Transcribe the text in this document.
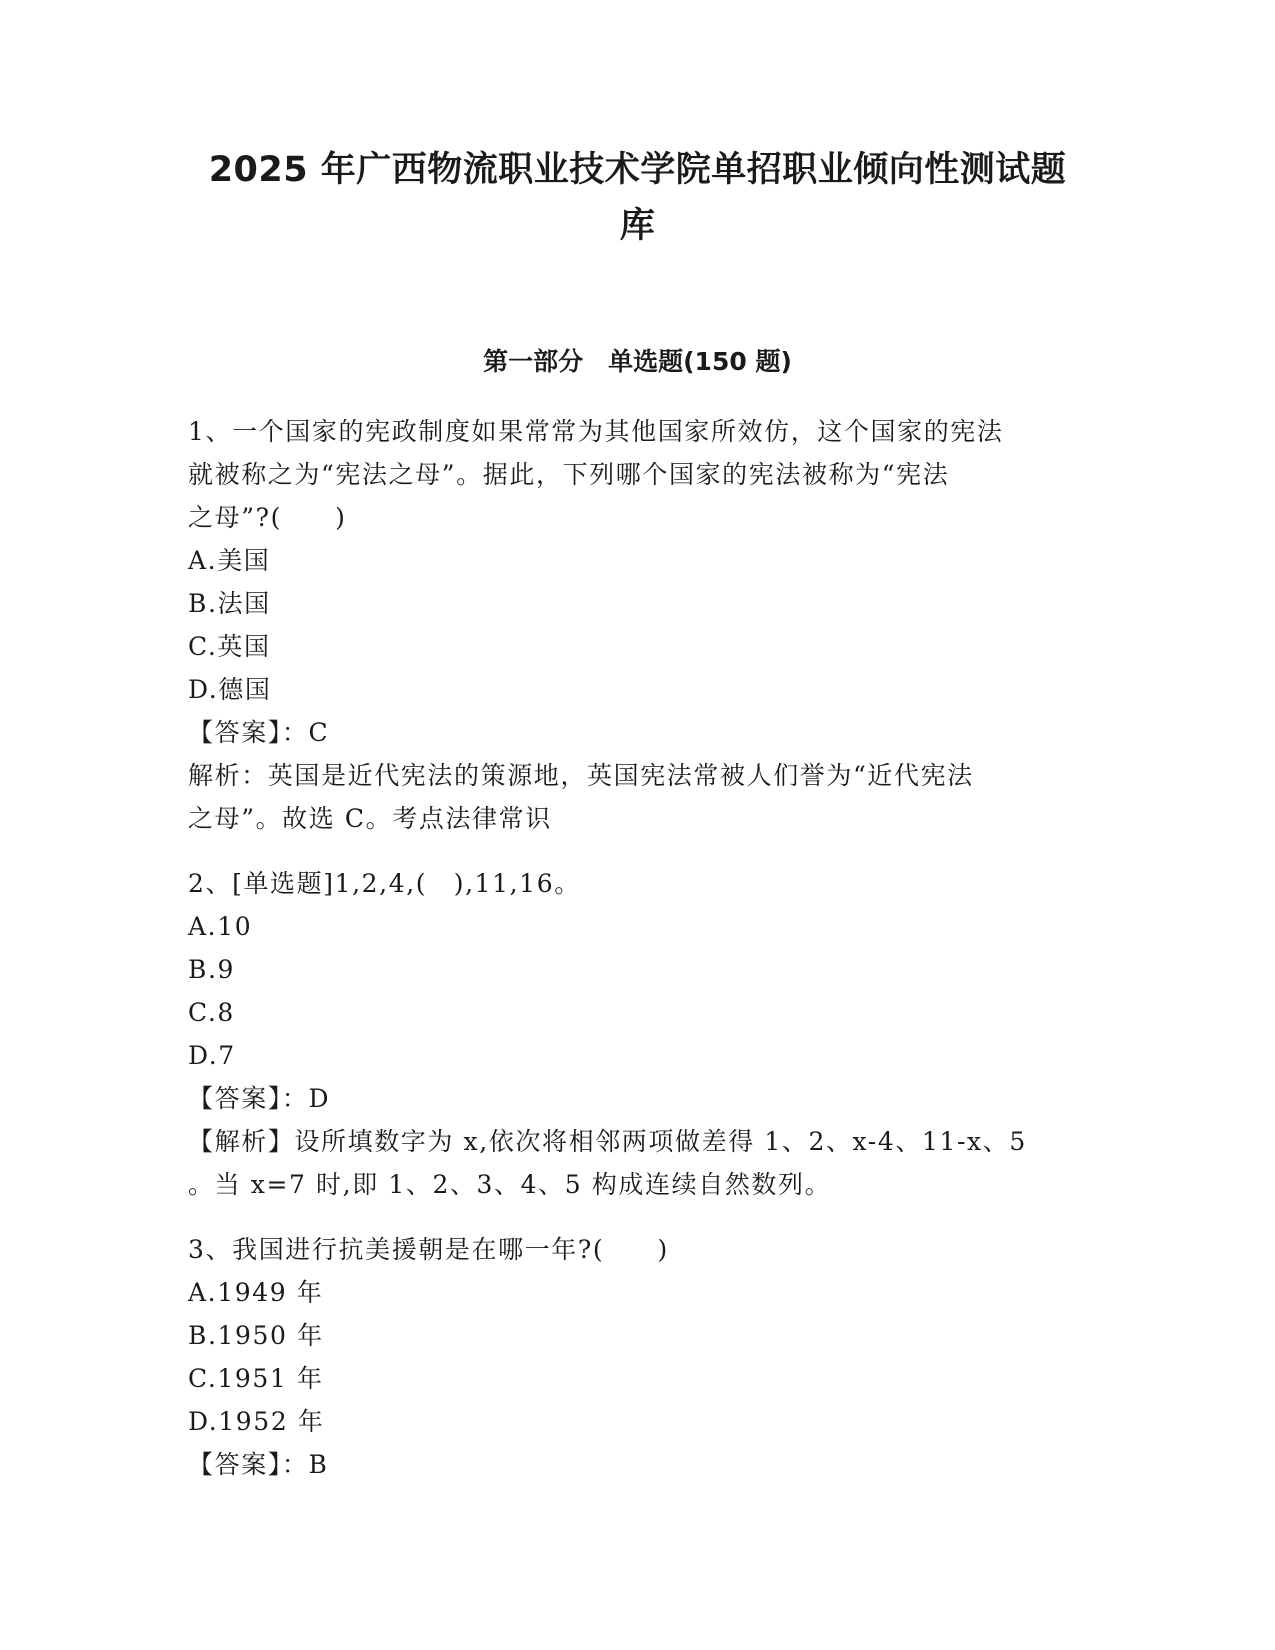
2025 年广西物流职业技术学院单招职业倾向性测试题
库
第一部分　单选题(150 题)
1、一个国家的宪政制度如果常常为其他国家所效仿，这个国家的宪法
就被称之为“宪法之母”。据此，下列哪个国家的宪法被称为“宪法
之母”?(　　)
A.美国
B.法国
C.英国
D.德国
【答案】：C
解析：英国是近代宪法的策源地，英国宪法常被人们誉为“近代宪法
之母”。故选 C。考点法律常识
2、[单选题]1,2,4,(　),11,16。
A.10
B.9
C.8
D.7
【答案】：D
【解析】设所填数字为 x,依次将相邻两项做差得 1、2、x-4、11-x、5
。当 x=7 时,即 1、2、3、4、5 构成连续自然数列。
3、我国进行抗美援朝是在哪一年?(　　)
A.1949 年
B.1950 年
C.1951 年
D.1952 年
【答案】：B
